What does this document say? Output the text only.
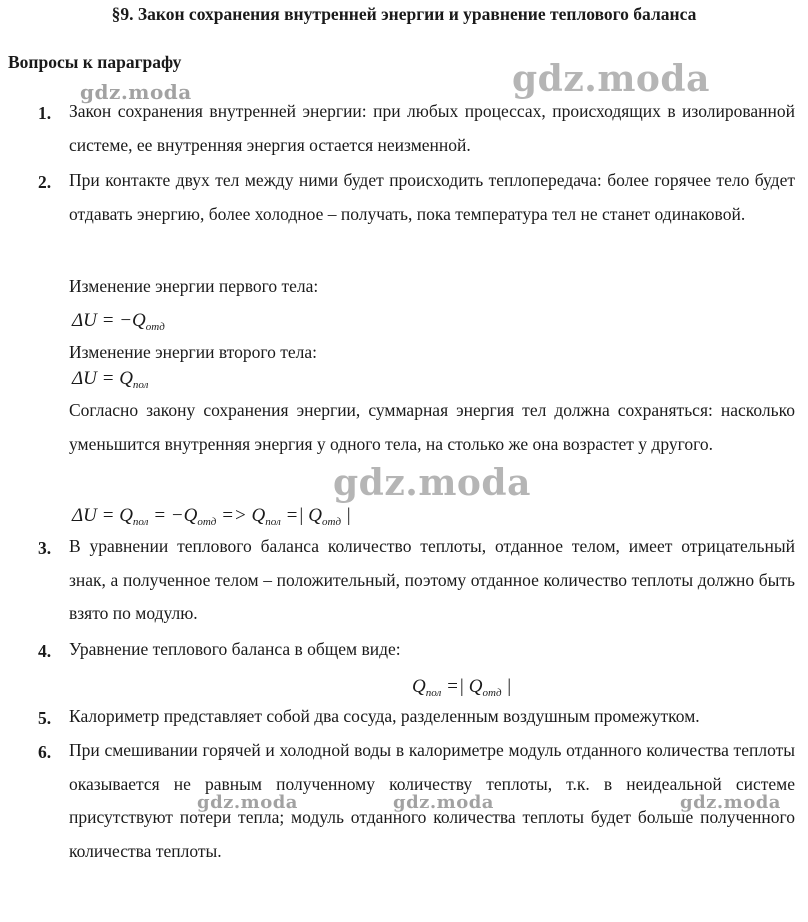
§9. Закон сохранения внутренней энергии и уравнение теплового баланса
Вопросы к параграфу	gdz.moda
gdz.moda
gdz.moda
gdz.moda	gdz.moda	gdz.moda
1. Закон сохранения внутренней энергии: при любых процессах, происходящих в изолированной системе, ее внутренняя энергия остается неизменной.
2. При контакте двух тел между ними будет происходить теплопередача: более горячее тело будет отдавать энергию, более холодное – получать, пока температура тел не станет одинаковой.
Изменение энергии первого тела:
$\Delta U = -Q_{отд}$
Изменение энергии второго тела:
$\Delta U = Q_{пол}$
Согласно закону сохранения энергии, суммарная энергия тел должна сохраняться: насколько уменьшится внутренняя энергия у одного тела, на столько же она возрастет у другого.
$\Delta U = Q_{пол} = -Q_{отд} => Q_{пол}$ =| $Q_{отд}$ |
3. В уравнении теплового баланса количество теплоты, отданное телом, имеет отрицательный знак, а полученное телом – положительный, поэтому отданное количество теплоты должно быть взято по модулю.
4. Уравнение теплового баланса в общем виде:
$Q_{пол}$ =| $Q_{отд}$ |
5. Калориметр представляет собой два сосуда, разделенным воздушным промежутком.
6. При смешивании горячей и холодной воды в калориметре модуль отданного количества теплоты оказывается не равным полученному количеству теплоты, т.к. в неидеальной системе присутствуют потери тепла; модуль отданного количества теплоты будет больше полученного количества теплоты.
